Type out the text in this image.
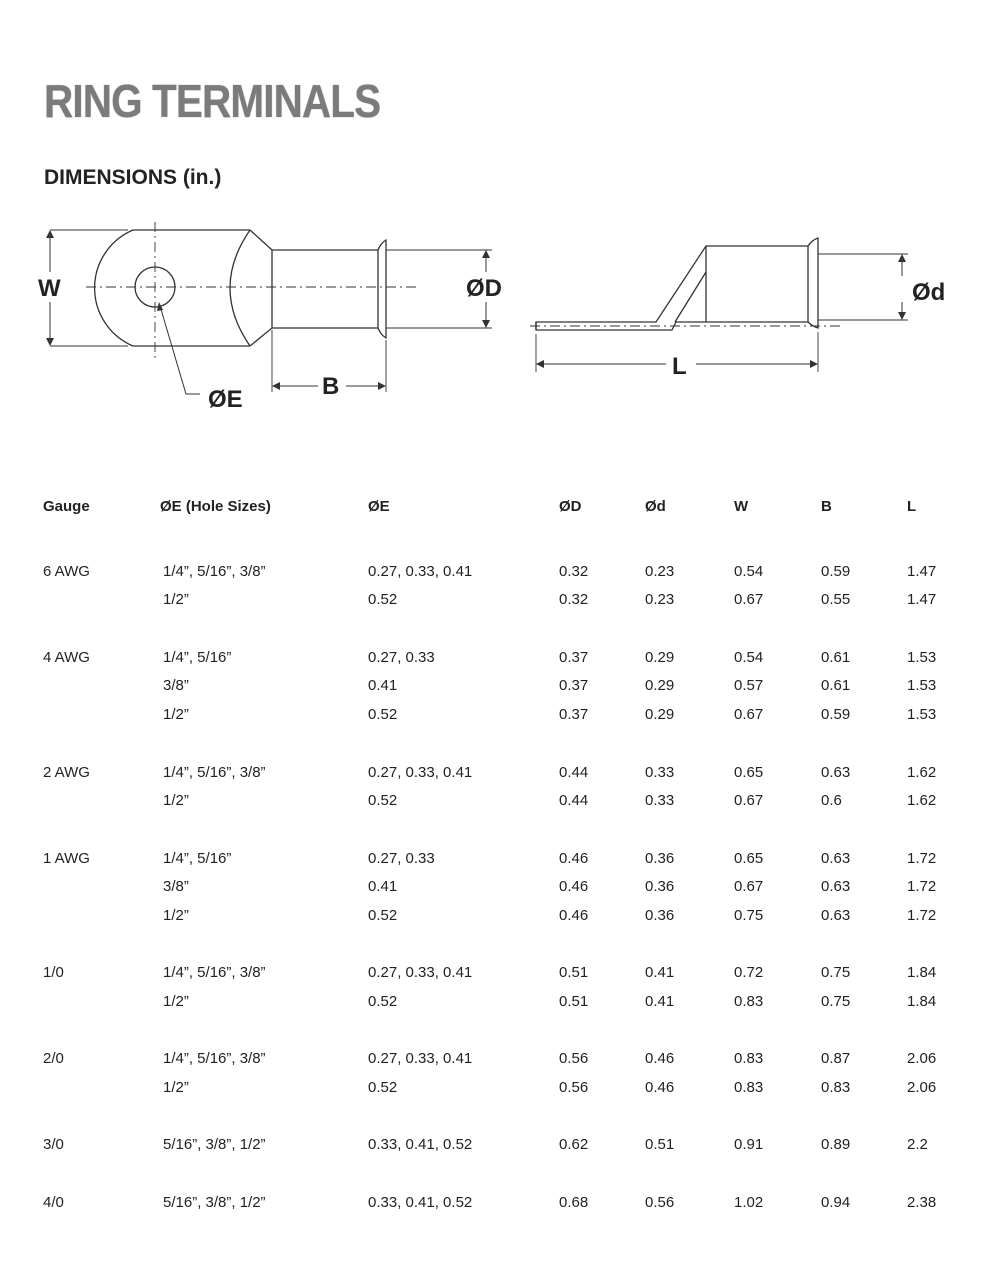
RING TERMINALS
DIMENSIONS (in.)
W	ØD
ØE	B
Ød
L
Gauge	ØE (Hole Sizes)	ØE	ØD	Ød	W	B	L
6 AWG	1/4”, 5/16”, 3/8”	0.27, 0.33, 0.41	0.32	0.23	0.54	0.59	1.47
1/2”	0.52	0.32	0.23	0.67	0.55	1.47
4 AWG	1/4”, 5/16”	0.27, 0.33	0.37	0.29	0.54	0.61	1.53
3/8”	0.41	0.37	0.29	0.57	0.61	1.53
1/2”	0.52	0.37	0.29	0.67	0.59	1.53
2 AWG	1/4”, 5/16”, 3/8”	0.27, 0.33, 0.41	0.44	0.33	0.65	0.63	1.62
1/2”	0.52	0.44	0.33	0.67	0.6	1.62
1 AWG	1/4”, 5/16”	0.27, 0.33	0.46	0.36	0.65	0.63	1.72
3/8”	0.41	0.46	0.36	0.67	0.63	1.72
1/2”	0.52	0.46	0.36	0.75	0.63	1.72
1/0	1/4”, 5/16”, 3/8”	0.27, 0.33, 0.41	0.51	0.41	0.72	0.75	1.84
1/2”	0.52	0.51	0.41	0.83	0.75	1.84
2/0	1/4”, 5/16”, 3/8”	0.27, 0.33, 0.41	0.56	0.46	0.83	0.87	2.06
1/2”	0.52	0.56	0.46	0.83	0.83	2.06
3/0	5/16”, 3/8”, 1/2”	0.33, 0.41, 0.52	0.62	0.51	0.91	0.89	2.2
4/0	5/16”, 3/8”, 1/2”	0.33, 0.41, 0.52	0.68	0.56	1.02	0.94	2.38
